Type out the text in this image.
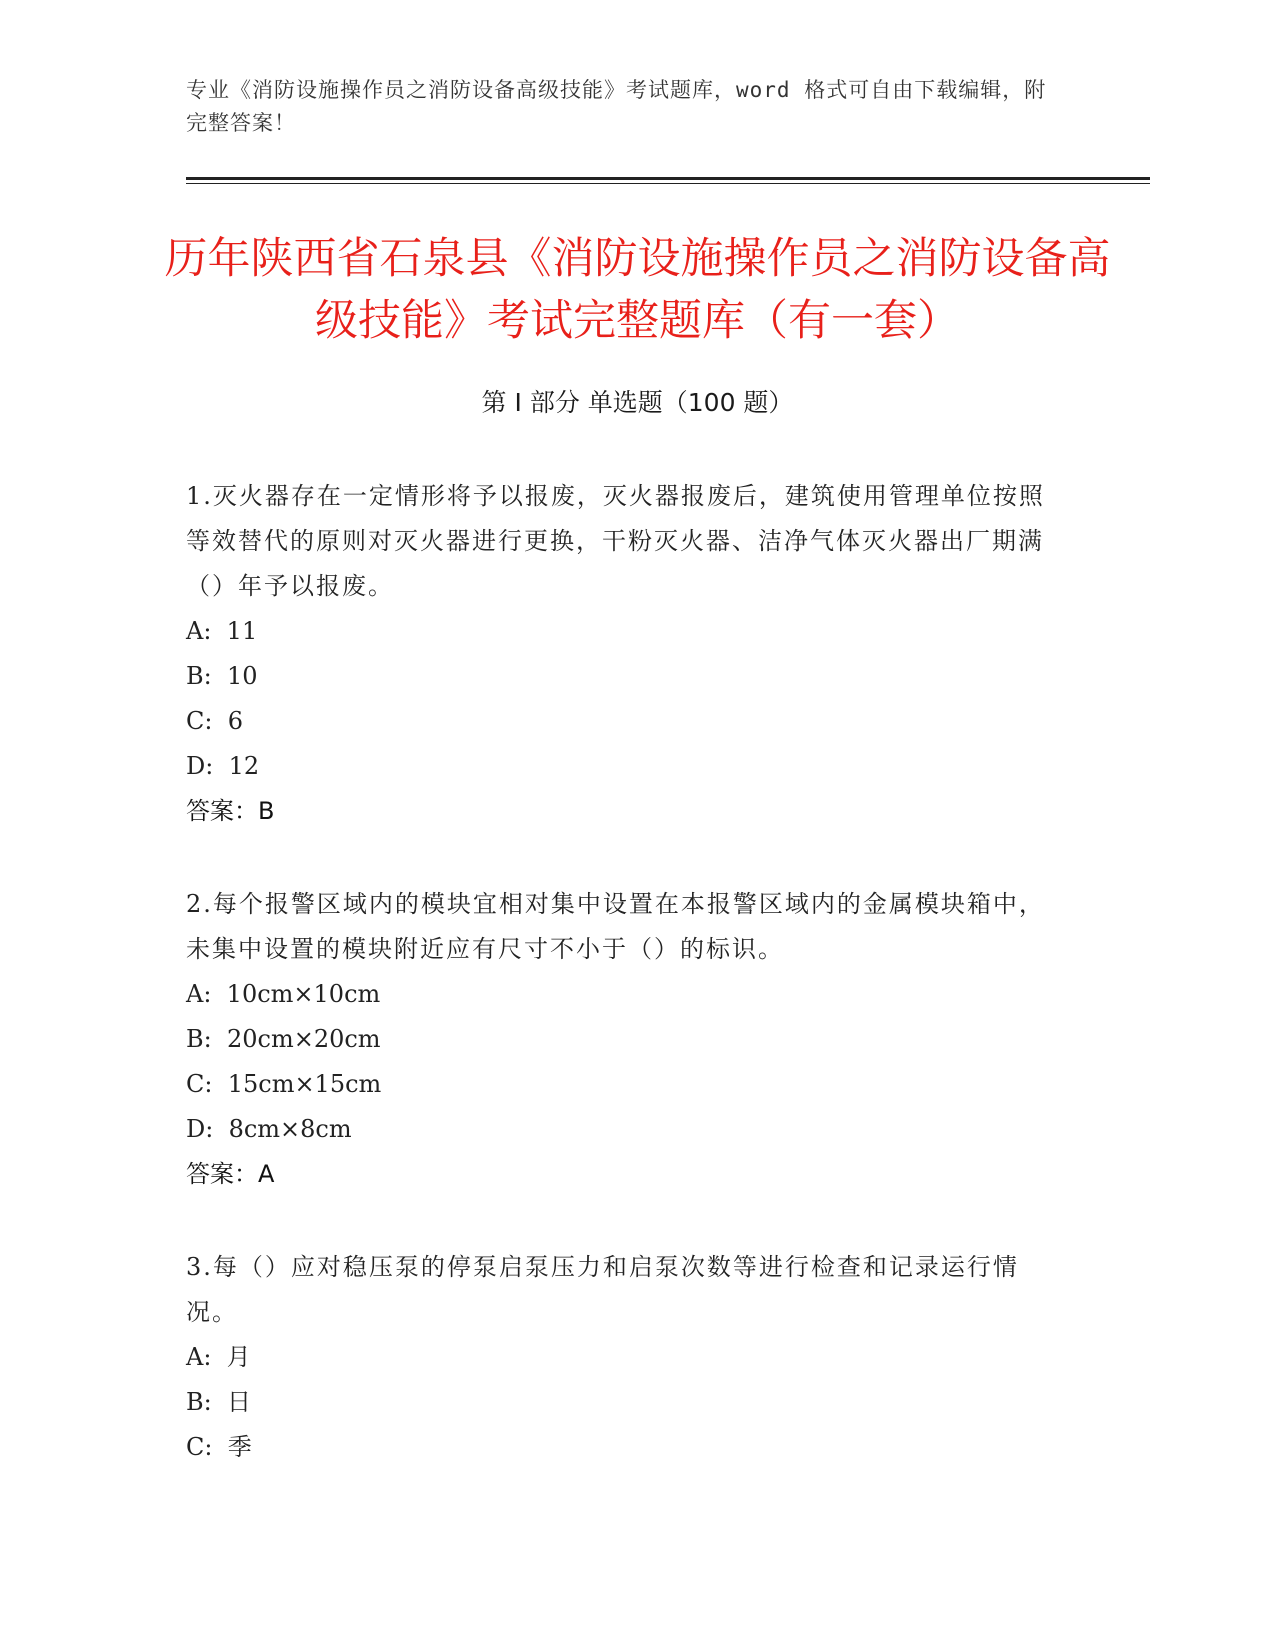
专业《消防设施操作员之消防设备高级技能》考试题库，word 格式可自由下载编辑，附完整答案！
历年陕西省石泉县《消防设施操作员之消防设备高级技能》考试完整题库（有一套）
第 I 部分 单选题（100 题）

1.灭火器存在一定情形将予以报废，灭火器报废后，建筑使用管理单位按照等效替代的原则对灭火器进行更换，干粉灭火器、洁净气体灭火器出厂期满（）年予以报废。

A:  11

B:  10

C:  6

D:  12

答案：B

2.每个报警区域内的模块宜相对集中设置在本报警区域内的金属模块箱中，未集中设置的模块附近应有尺寸不小于（）的标识。

A:  10cm×10cm

B:  20cm×20cm

C:  15cm×15cm

D:  8cm×8cm

答案：A

3.每（）应对稳压泵的停泵启泵压力和启泵次数等进行检查和记录运行情况。

A:  月

B:  日

C:  季
